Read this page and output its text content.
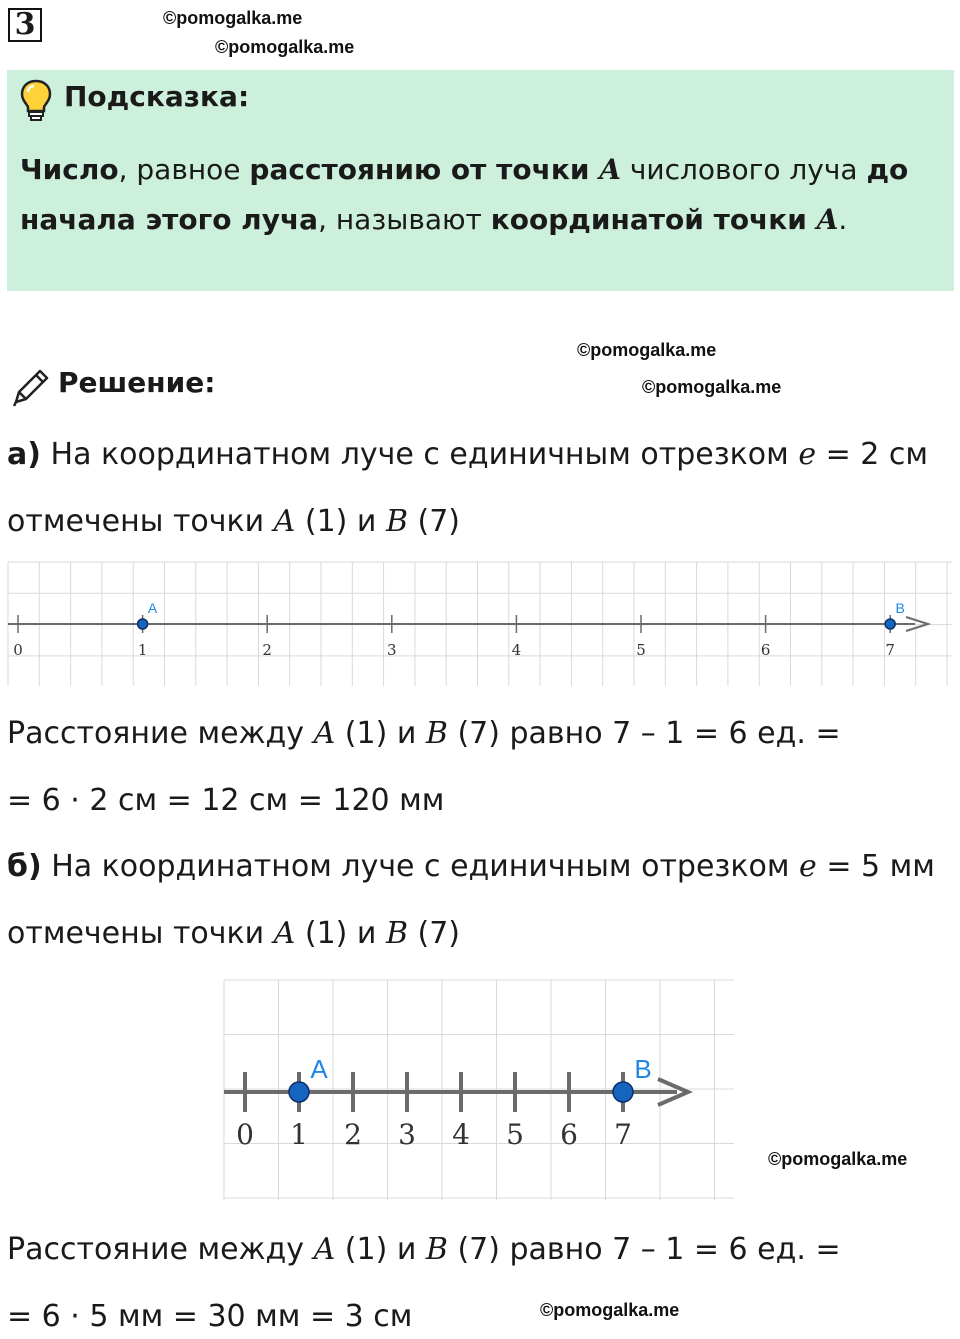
3	©pomogalka.me
©pomogalka.me
©pomogalka.me
©pomogalka.me
©pomogalka.me
©pomogalka.me
Подсказка:
Число, равное расстоянию от точки A числового луча до
начала этого луча, называют координатой точки A.
Решение:
а) На координатном луче с единичным отрезком e = 2 см
отмечены точки A (1) и B (7)
0	1	2	3	4	5	6	7
A	B
Расстояние между A (1) и B (7) равно 7 – 1 = 6 ед. =
= 6 · 2 см = 12 см = 120 мм
б) На координатном луче с единичным отрезком e = 5 мм
отмечены точки A (1) и B (7)
0 1 2 3 4 5 6 7
A	B
Расстояние между A (1) и B (7) равно 7 – 1 = 6 ед. =
= 6 · 5 мм = 30 мм = 3 см
